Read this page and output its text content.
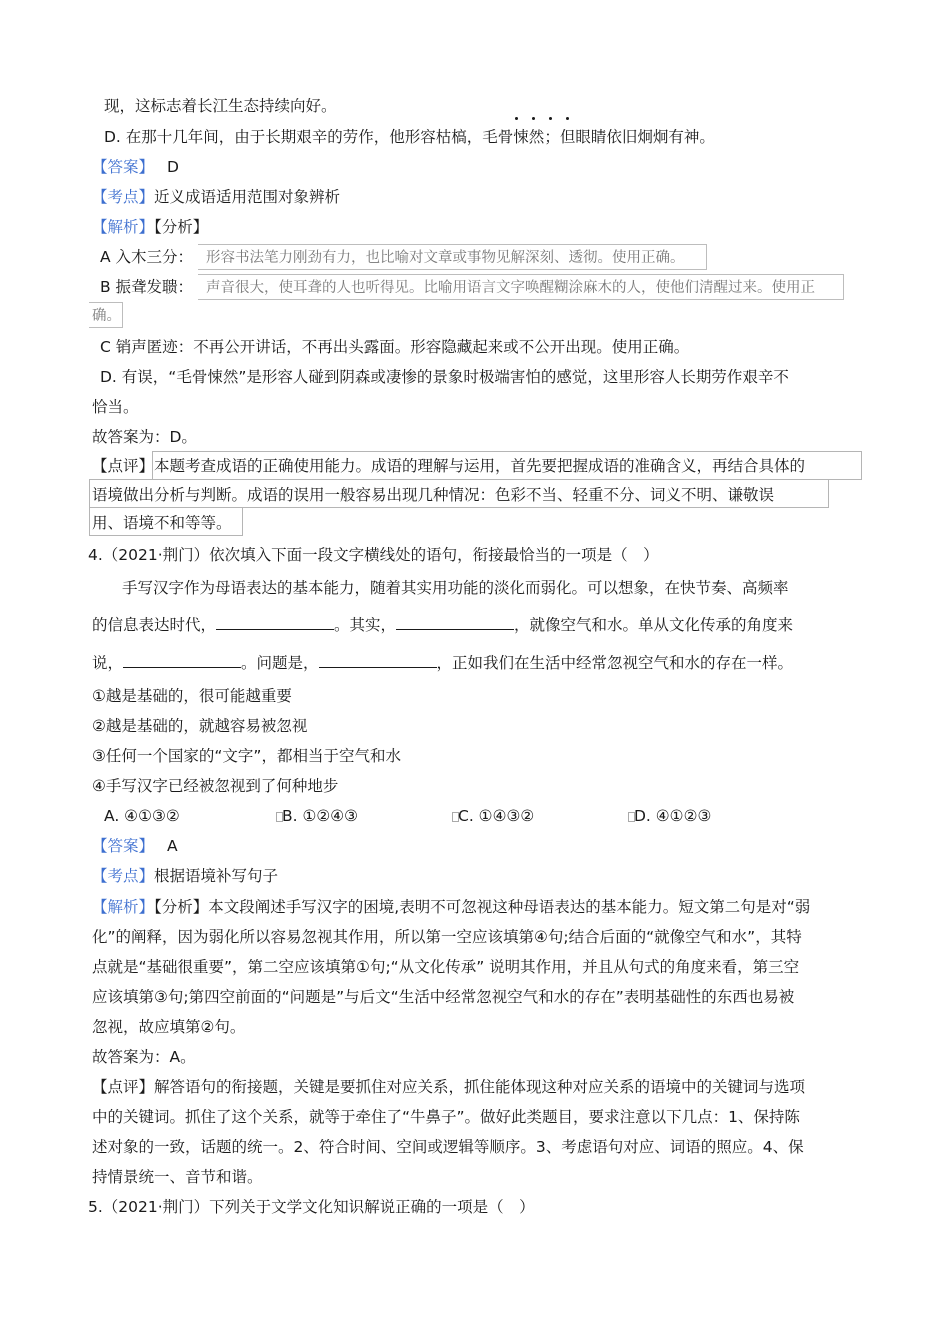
现，这标志着长江生态持续向好。
D. 在那十几年间，由于长期艰辛的劳作，他形容枯槁，毛骨悚然；但眼睛依旧炯炯有神。
【答案】 D
【考点】近义成语适用范围对象辨析
【解析】【分析】
A 入木三分： 形容书法笔力刚劲有力，也比喻对文章或事物见解深刻、透彻。使用正确。
B 振聋发聩： 声音很大，使耳聋的人也听得见。比喻用语言文字唤醒糊涂麻木的人，使他们清醒过来。使用正
确。
C 销声匿迹：不再公开讲话，不再出头露面。形容隐藏起来或不公开出现。使用正确。
D. 有误，“毛骨悚然”是形容人碰到阴森或凄惨的景象时极端害怕的感觉，这里形容人长期劳作艰辛不
恰当。
故答案为：D。
【点评】本题考查成语的正确使用能力。成语的理解与运用，首先要把握成语的准确含义，再结合具体的
语境做出分析与判断。成语的误用一般容易出现几种情况：色彩不当、轻重不分、词义不明、谦敬误
用、语境不和等等。
4.（2021·荆门）依次填入下面一段文字横线处的语句，衔接最恰当的一项是（　）
手写汉字作为母语表达的基本能力，随着其实用功能的淡化而弱化。可以想象，在快节奏、高频率
的信息表达时代，	。其实，	，就像空气和水。单从文化传承的角度来
说，	。问题是，	，正如我们在生活中经常忽视空气和水的存在一样。
①越是基础的，很可能越重要
②越是基础的，就越容易被忽视
③任何一个国家的“文字”，都相当于空气和水
④手写汉字已经被忽视到了何种地步
A. ④①③②	B. ①②④③	C. ①④③②	D. ④①②③
【答案】 A
【考点】根据语境补写句子
【解析】【分析】本文段阐述手写汉字的困境,表明不可忽视这种母语表达的基本能力。短文第二句是对“弱
化”的阐释，因为弱化所以容易忽视其作用，所以第一空应该填第④句;结合后面的“就像空气和水”，其特
点就是“基础很重要”，第二空应该填第①句;“从文化传承” 说明其作用，并且从句式的角度来看，第三空
应该填第③句;第四空前面的“问题是”与后文“生活中经常忽视空气和水的存在”表明基础性的东西也易被
忽视，故应填第②句。
故答案为：A。
【点评】解答语句的衔接题，关键是要抓住对应关系，抓住能体现这种对应关系的语境中的关键词与选项
中的关键词。抓住了这个关系，就等于牵住了“牛鼻子”。做好此类题目，要求注意以下几点：1、保持陈
述对象的一致，话题的统一。2、符合时间、空间或逻辑等顺序。3、考虑语句对应、词语的照应。4、保
持情景统一、音节和谐。
5.（2021·荆门）下列关于文学文化知识解说正确的一项是（　）
